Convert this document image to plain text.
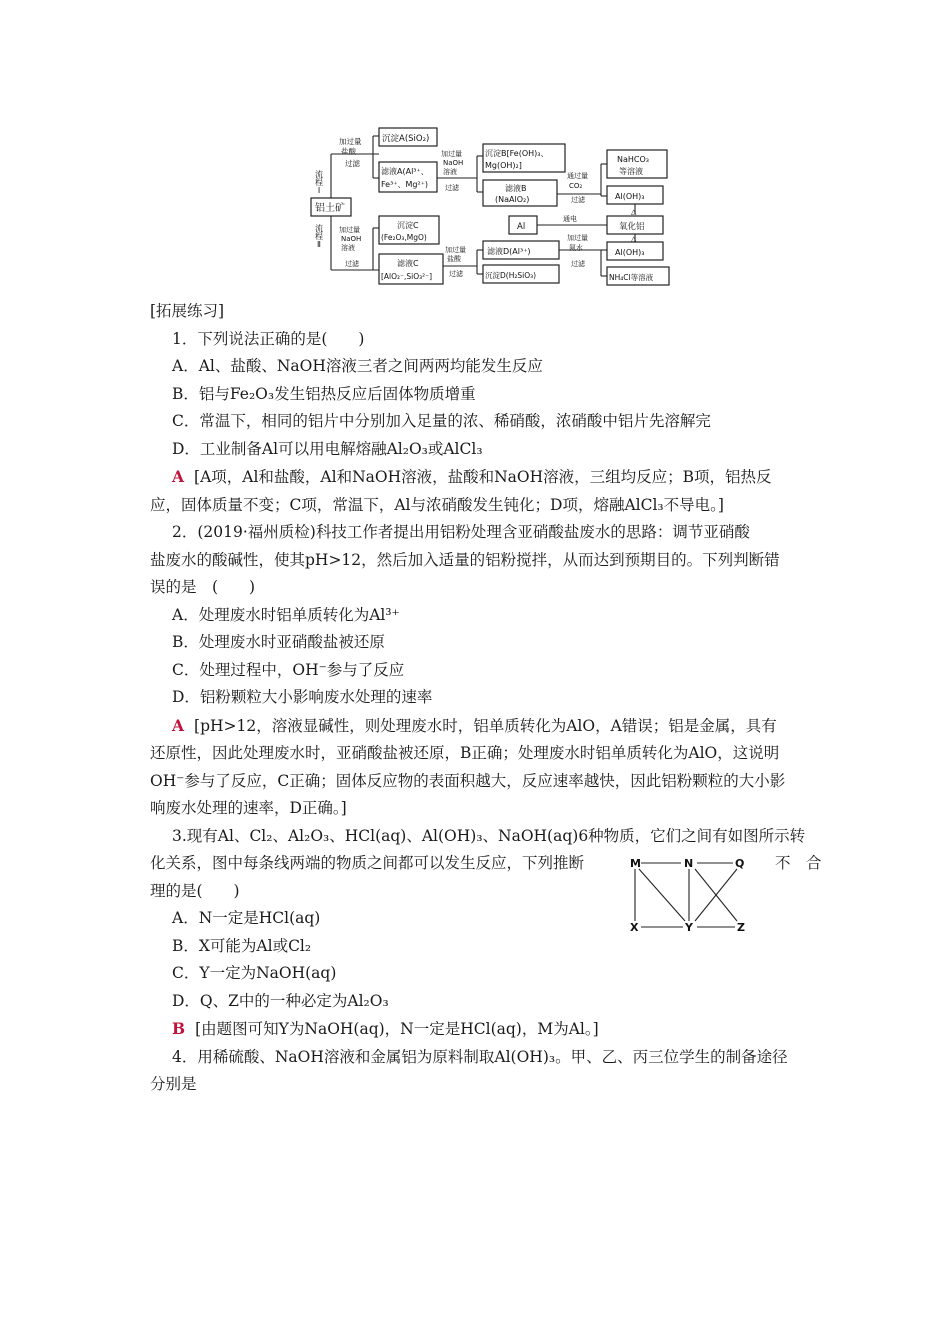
铝土矿
流程Ⅰ
流程Ⅱ
加过量
盐酸
过滤
沉淀A(SiO₂)
滤液A(Al³⁺、
Fe³⁺、Mg²⁺)
加过量
NaOH
溶液
过滤
沉淀B[Fe(OH)₃、
Mg(OH)₂]
滤液B
(NaAlO₂)
通过量
CO₂
过滤
NaHCO₃
等溶液
Al(OH)₃
△
氧化铝
通电
Al
加过量
NaOH
溶液
过滤
沉淀C
(Fe₂O₃,MgO)
滤液C
[AlO₂⁻,SiO₃²⁻]
加过量
盐酸
过滤
滤液D(Al³⁺)
沉淀D(H₂SiO₃)
加过量
氨水
过滤
Al(OH)₃
△
NH₄Cl等溶液
[拓展练习]
1．下列说法正确的是(　　)
A．Al、盐酸、NaOH溶液三者之间两两均能发生反应
B．铝与Fe₂O₃发生铝热反应后固体物质增重
C．常温下，相同的铝片中分别加入足量的浓、稀硝酸，浓硝酸中铝片先溶解完
D．工业制备Al可以用电解熔融Al₂O₃或AlCl₃
A [A项，Al和盐酸，Al和NaOH溶液，盐酸和NaOH溶液，三组均反应；B项，铝热反
应，固体质量不变；C项，常温下，Al与浓硝酸发生钝化；D项，熔融AlCl₃不导电。]
2．(2019·福州质检)科技工作者提出用铝粉处理含亚硝酸盐废水的思路：调节亚硝酸
盐废水的酸碱性，使其pH>12，然后加入适量的铝粉搅拌，从而达到预期目的。下列判断错
误的是　(　　)
A．处理废水时铝单质转化为Al³⁺
B．处理废水时亚硝酸盐被还原
C．处理过程中，OH⁻参与了反应
D．铝粉颗粒大小影响废水处理的速率
A [pH>12，溶液显碱性，则处理废水时，铝单质转化为AlO，A错误；铝是金属，具有
还原性，因此处理废水时，亚硝酸盐被还原，B正确；处理废水时铝单质转化为AlO，这说明
OH⁻参与了反应，C正确；固体反应物的表面积越大，反应速率越快，因此铝粉颗粒的大小影
响废水处理的速率，D正确。]
3.现有Al、Cl₂、Al₂O₃、HCl(aq)、Al(OH)₃、NaOH(aq)6种物质，它们之间有如图所示转
化关系，图中每条线两端的物质之间都可以发生反应，下列推断	不　合
理的是(　　)
A．N一定是HCl(aq)
B．X可能为Al或Cl₂
C．Y一定为NaOH(aq)
D．Q、Z中的一种必定为Al₂O₃
B [由题图可知Y为NaOH(aq)，N一定是HCl(aq)，M为Al。]
4．用稀硫酸、NaOH溶液和金属铝为原料制取Al(OH)₃。甲、乙、丙三位学生的制备途径
分别是
M	N	Q
X	Y	Z
